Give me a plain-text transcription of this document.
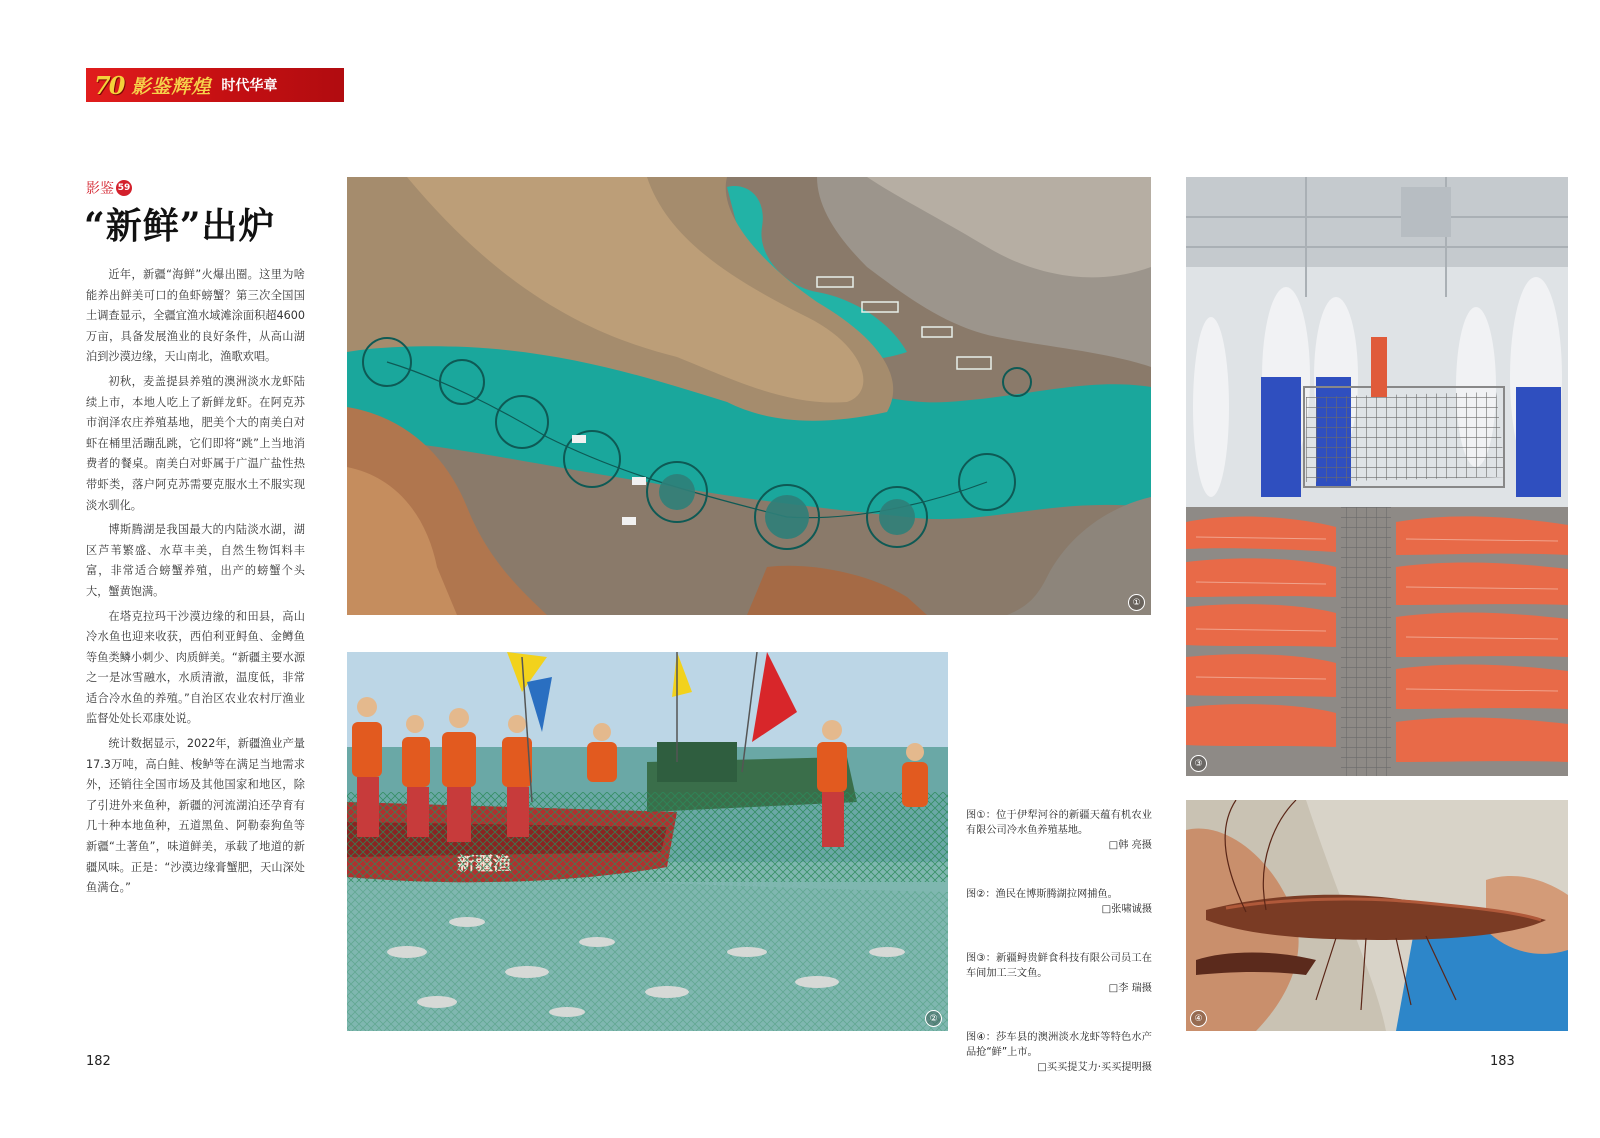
70 影鉴辉煌 时代华章
影鉴 59
“新鲜”出炉

近年，新疆“海鲜”火爆出圈。这里为啥能养出鲜美可口的鱼虾螃蟹？第三次全国国土调查显示，全疆宜渔水域滩涂面积超4600万亩，具备发展渔业的良好条件，从高山湖泊到沙漠边缘，天山南北，渔歌欢唱。

初秋，麦盖提县养殖的澳洲淡水龙虾陆续上市，本地人吃上了新鲜龙虾。在阿克苏市润泽农庄养殖基地，肥美个大的南美白对虾在桶里活蹦乱跳，它们即将“跳”上当地消费者的餐桌。南美白对虾属于广温广盐性热带虾类，落户阿克苏需要克服水土不服实现淡水驯化。

博斯腾湖是我国最大的内陆淡水湖，湖区芦苇繁盛、水草丰美，自然生物饵料丰富，非常适合螃蟹养殖，出产的螃蟹个头大，蟹黄饱满。

在塔克拉玛干沙漠边缘的和田县，高山冷水鱼也迎来收获，西伯利亚鲟鱼、金鳟鱼等鱼类鳞小刺少、肉质鲜美。“新疆主要水源之一是冰雪融水，水质清澈，温度低，非常适合冷水鱼的养殖。”自治区农业农村厅渔业监督处处长邓康处说。

统计数据显示，2022年，新疆渔业产量17.3万吨，高白鲑、梭鲈等在满足当地需求外，还销往全国市场及其他国家和地区，除了引进外来鱼种，新疆的河流湖泊还孕育有几十种本地鱼种，五道黑鱼、阿勒泰狗鱼等新疆“土著鱼”，味道鲜美，承载了地道的新疆风味。正是：“沙漠边缘膏蟹肥，天山深处鱼满仓。”

①
②
③
④
图①：位于伊犁河谷的新疆天蕴有机农业有限公司冷水鱼养殖基地。
□韩 亮摄
图②：渔民在博斯腾湖拉网捕鱼。
□张啸诚摄
图③：新疆鲟贵鲜食科技有限公司员工在车间加工三文鱼。
□李 瑞摄
图④：莎车县的澳洲淡水龙虾等特色水产品抢“鲜”上市。
□买买提艾力·买买提明摄
182	183
